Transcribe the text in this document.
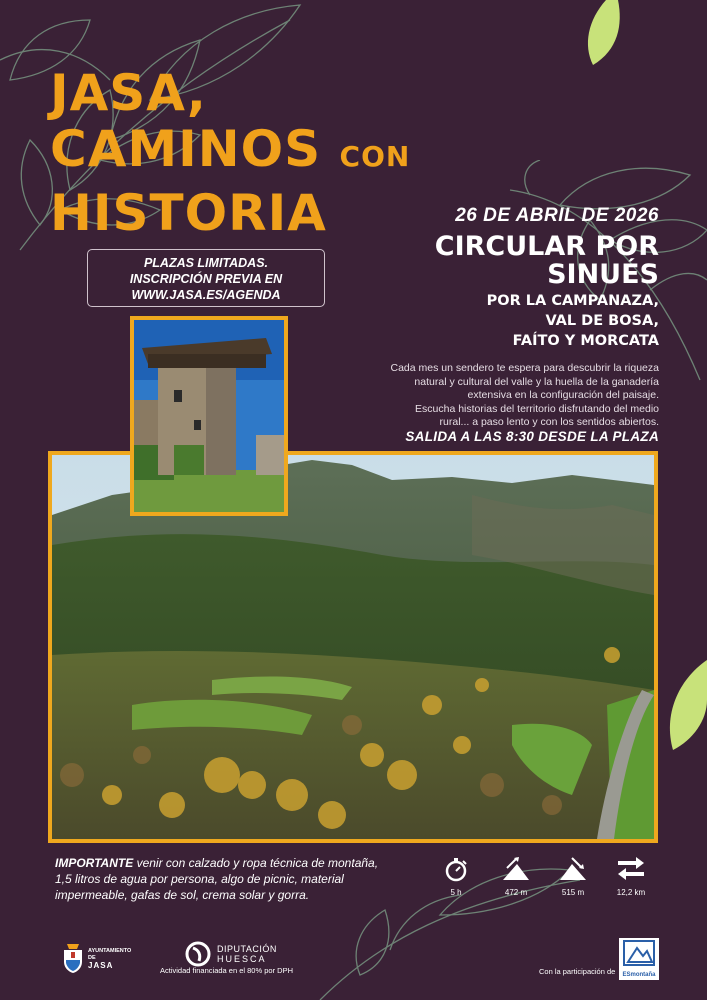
JASA,
CAMINOS CON
HISTORIA
PLAZAS LIMITADAS.
INSCRIPCIÓN PREVIA EN
WWW.JASA.ES/AGENDA
26 DE ABRIL DE 2026
CIRCULAR POR
SINUÉS
POR LA CAMPANAZA,
VAL DE BOSA,
FAÍTO Y MORCATA
Cada mes un sendero te espera para descubrir la riqueza
natural y cultural del valle y la huella de la ganadería
extensiva en la configuración del paisaje.
Escucha historias del territorio disfrutando del medio
rural... a paso lento y con los sentidos abiertos.
SALIDA A LAS 8:30 DESDE LA PLAZA
IMPORTANTE venir con calzado y ropa técnica de montaña,
1,5 litros de agua por persona, algo de picnic, material
impermeable, gafas de sol, crema solar y gorra.	5 h	472 m	515 m	12,2 km
AYUNTAMIENTO DE
JASA
DIPUTACIÓN
HUESCA
Actividad financiada en el 80% por DPH	Con la participación de	ESmontaña
